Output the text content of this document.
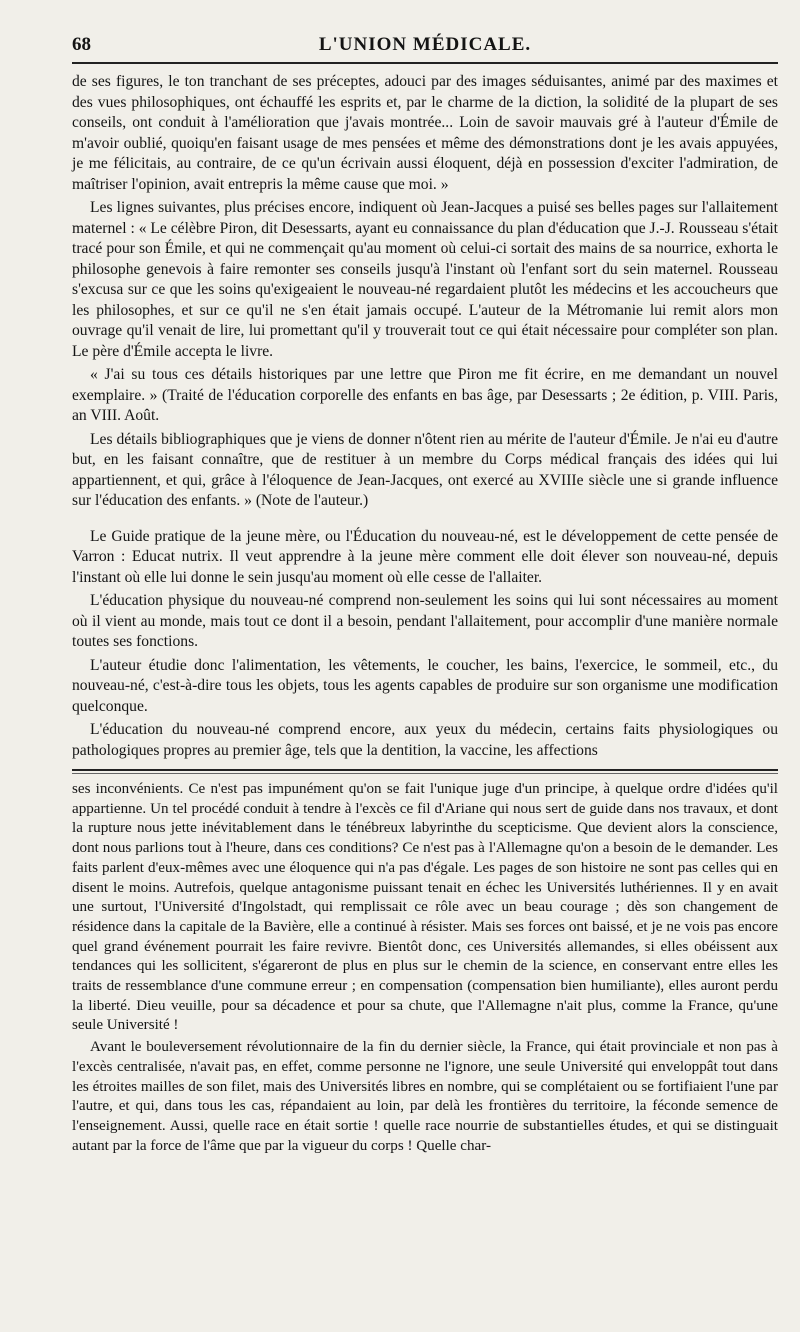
68	L'UNION MÉDICALE.

de ses figures, le ton tranchant de ses préceptes, adouci par des images séduisantes, animé par des maximes et des vues philosophiques, ont échauffé les esprits et, par le charme de la diction, la solidité de la plupart de ses conseils, ont conduit à l'amélioration que j'avais montrée... Loin de savoir mauvais gré à l'auteur d'Émile de m'avoir oublié, quoiqu'en faisant usage de mes pensées et même des démonstrations dont je les avais appuyées, je me félicitais, au contraire, de ce qu'un écrivain aussi éloquent, déjà en possession d'exciter l'admiration, de maîtriser l'opinion, avait entrepris la même cause que moi. »

Les lignes suivantes, plus précises encore, indiquent où Jean-Jacques a puisé ses belles pages sur l'allaitement maternel : « Le célèbre Piron, dit Desessarts, ayant eu connaissance du plan d'éducation que J.-J. Rousseau s'était tracé pour son Émile, et qui ne commençait qu'au moment où celui-ci sortait des mains de sa nourrice, exhorta le philosophe genevois à faire remonter ses conseils jusqu'à l'instant où l'enfant sort du sein maternel. Rousseau s'excusa sur ce que les soins qu'exigeaient le nouveau-né regardaient plutôt les médecins et les accoucheurs que les philosophes, et sur ce qu'il ne s'en était jamais occupé. L'auteur de la Métromanie lui remit alors mon ouvrage qu'il venait de lire, lui promettant qu'il y trouverait tout ce qui était nécessaire pour compléter son plan. Le père d'Émile accepta le livre.

« J'ai su tous ces détails historiques par une lettre que Piron me fit écrire, en me demandant un nouvel exemplaire. » (Traité de l'éducation corporelle des enfants en bas âge, par Desessarts ; 2e édition, p. VIII. Paris, an VIII. Août.

Les détails bibliographiques que je viens de donner n'ôtent rien au mérite de l'auteur d'Émile. Je n'ai eu d'autre but, en les faisant connaître, que de restituer à un membre du Corps médical français des idées qui lui appartiennent, et qui, grâce à l'éloquence de Jean-Jacques, ont exercé au XVIIIe siècle une si grande influence sur l'éducation des enfants. » (Note de l'auteur.)

Le Guide pratique de la jeune mère, ou l'Éducation du nouveau-né, est le développement de cette pensée de Varron : Educat nutrix. Il veut apprendre à la jeune mère comment elle doit élever son nouveau-né, depuis l'instant où elle lui donne le sein jusqu'au moment où elle cesse de l'allaiter.

L'éducation physique du nouveau-né comprend non-seulement les soins qui lui sont nécessaires au moment où il vient au monde, mais tout ce dont il a besoin, pendant l'allaitement, pour accomplir d'une manière normale toutes ses fonctions.

L'auteur étudie donc l'alimentation, les vêtements, le coucher, les bains, l'exercice, le sommeil, etc., du nouveau-né, c'est-à-dire tous les objets, tous les agents capables de produire sur son organisme une modification quelconque.

L'éducation du nouveau-né comprend encore, aux yeux du médecin, certains faits physiologiques ou pathologiques propres au premier âge, tels que la dentition, la vaccine, les affections

ses inconvénients. Ce n'est pas impunément qu'on se fait l'unique juge d'un principe, à quelque ordre d'idées qu'il appartienne. Un tel procédé conduit à tendre à l'excès ce fil d'Ariane qui nous sert de guide dans nos travaux, et dont la rupture nous jette inévitablement dans le ténébreux labyrinthe du scepticisme. Que devient alors la conscience, dont nous parlions tout à l'heure, dans ces conditions? Ce n'est pas à l'Allemagne qu'on a besoin de le demander. Les faits parlent d'eux-mêmes avec une éloquence qui n'a pas d'égale. Les pages de son histoire ne sont pas celles qui en disent le moins. Autrefois, quelque antagonisme puissant tenait en échec les Universités luthériennes. Il y en avait une surtout, l'Université d'Ingolstadt, qui remplissait ce rôle avec un beau courage ; dès son changement de résidence dans la capitale de la Bavière, elle a continué à résister. Mais ses forces ont baissé, et je ne vois pas encore quel grand événement pourrait les faire revivre. Bientôt donc, ces Universités allemandes, si elles obéissent aux tendances qui les sollicitent, s'égareront de plus en plus sur le chemin de la science, en conservant entre elles les traits de ressemblance d'une commune erreur ; en compensation (compensation bien humiliante), elles auront perdu la liberté. Dieu veuille, pour sa décadence et pour sa chute, que l'Allemagne n'ait plus, comme la France, qu'une seule Université !

Avant le bouleversement révolutionnaire de la fin du dernier siècle, la France, qui était provinciale et non pas à l'excès centralisée, n'avait pas, en effet, comme personne ne l'ignore, une seule Université qui enveloppât tout dans les étroites mailles de son filet, mais des Universités libres en nombre, qui se complétaient ou se fortifiaient l'une par l'autre, et qui, dans tous les cas, répandaient au loin, par delà les frontières du territoire, la féconde semence de l'enseignement. Aussi, quelle race en était sortie ! quelle race nourrie de substantielles études, et qui se distinguait autant par la force de l'âme que par la vigueur du corps ! Quelle char-
